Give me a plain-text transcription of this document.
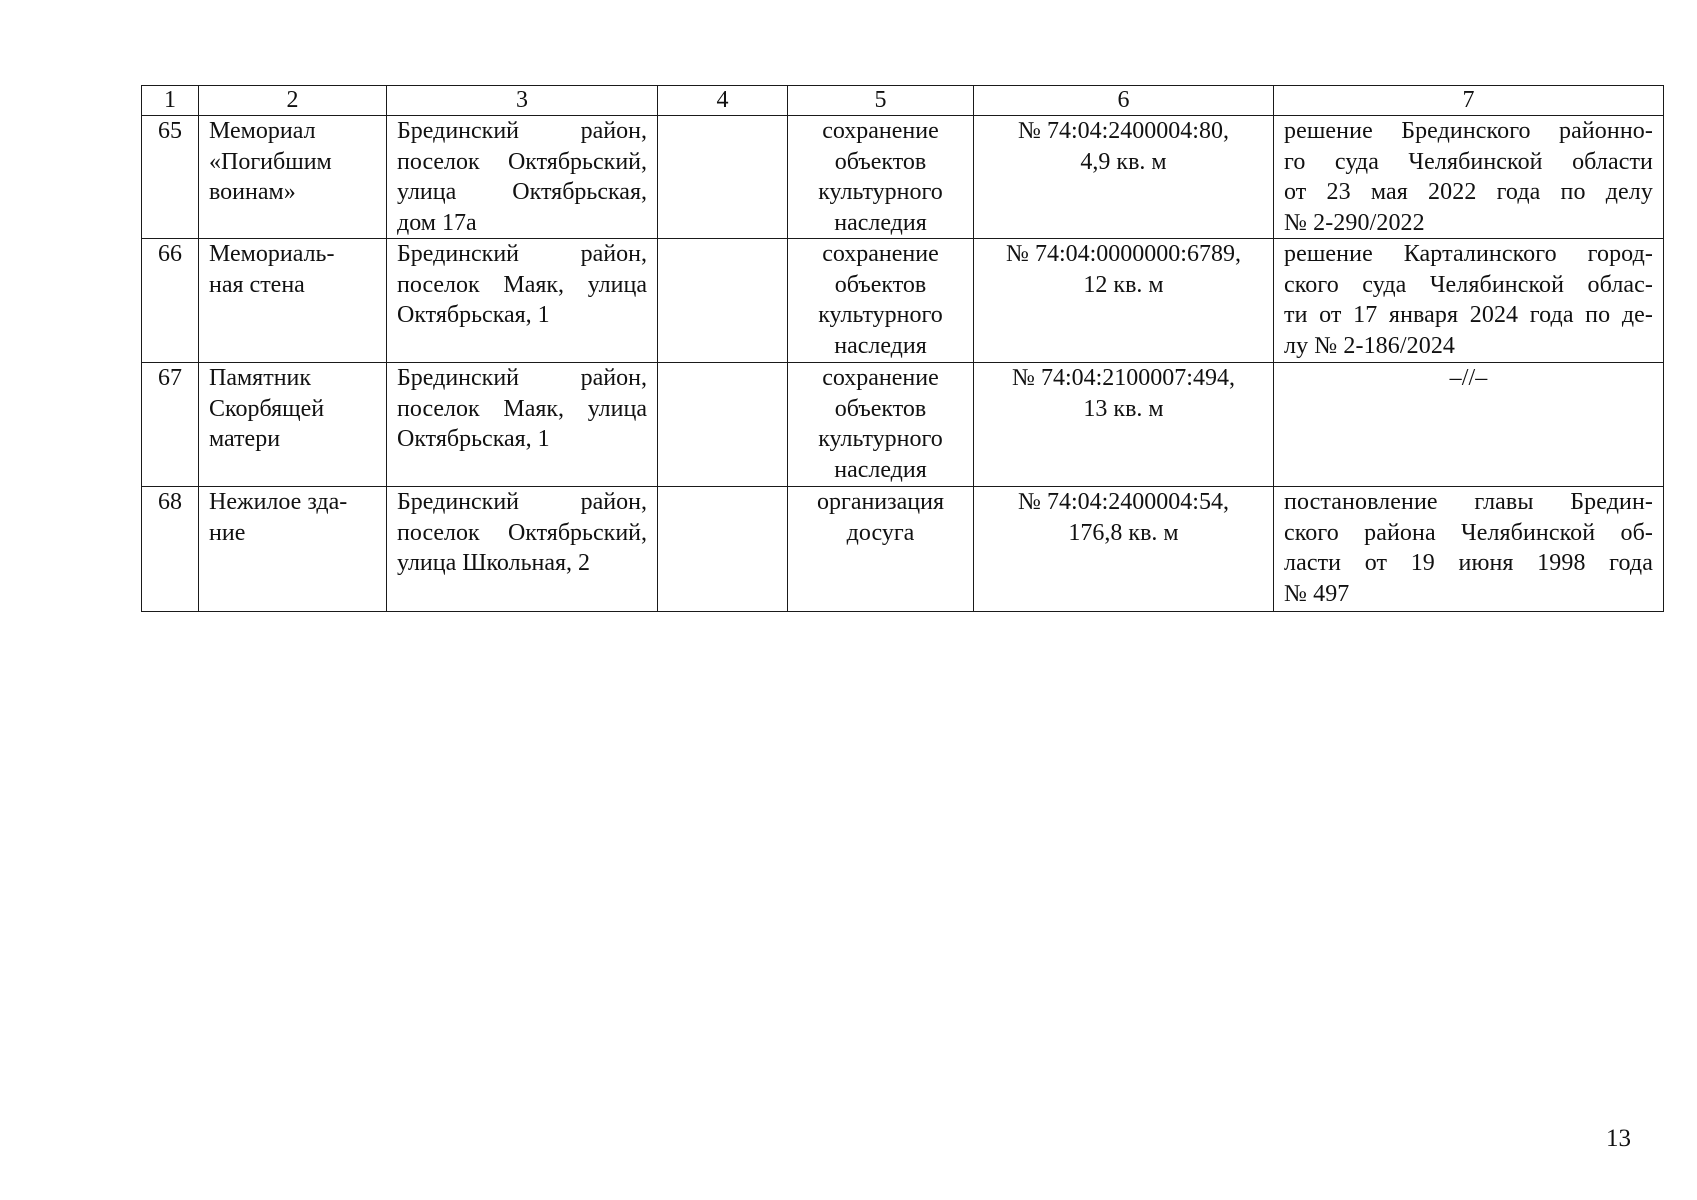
1	2	3	4	5	6	7
65	Мемориал
«Погибшим
воинам»	Брединский район,
поселок Октябрьский,
улица Октябрьская,
дом 17а		сохранение
объектов
культурного
наследия	№ 74:04:2400004:80,
4,9 кв. м	решение Брединского районно-
го суда Челябинской области
от 23 мая 2022 года по делу
№ 2-290/2022

66	Мемориаль-
ная стена	Брединский район,
поселок Маяк, улица
Октябрьская, 1		сохранение
объектов
культурного
наследия	№ 74:04:0000000:6789,
12 кв. м	решение Карталинского город-
ского суда Челябинской облас-
ти от 17 января 2024 года по де-
лу № 2-186/2024

67	Памятник
Скорбящей
матери	Брединский район,
поселок Маяк, улица
Октябрьская, 1		сохранение
объектов
культурного
наследия	№ 74:04:2100007:494,
13 кв. м	–//–

68	Нежилое зда-
ние	Брединский район,
поселок Октябрьский,
улица Школьная, 2		организация
досуга	№ 74:04:2400004:54,
176,8 кв. м	постановление главы Бредин-
ского района Челябинской об-
ласти от 19 июня 1998 года
№ 497
13
